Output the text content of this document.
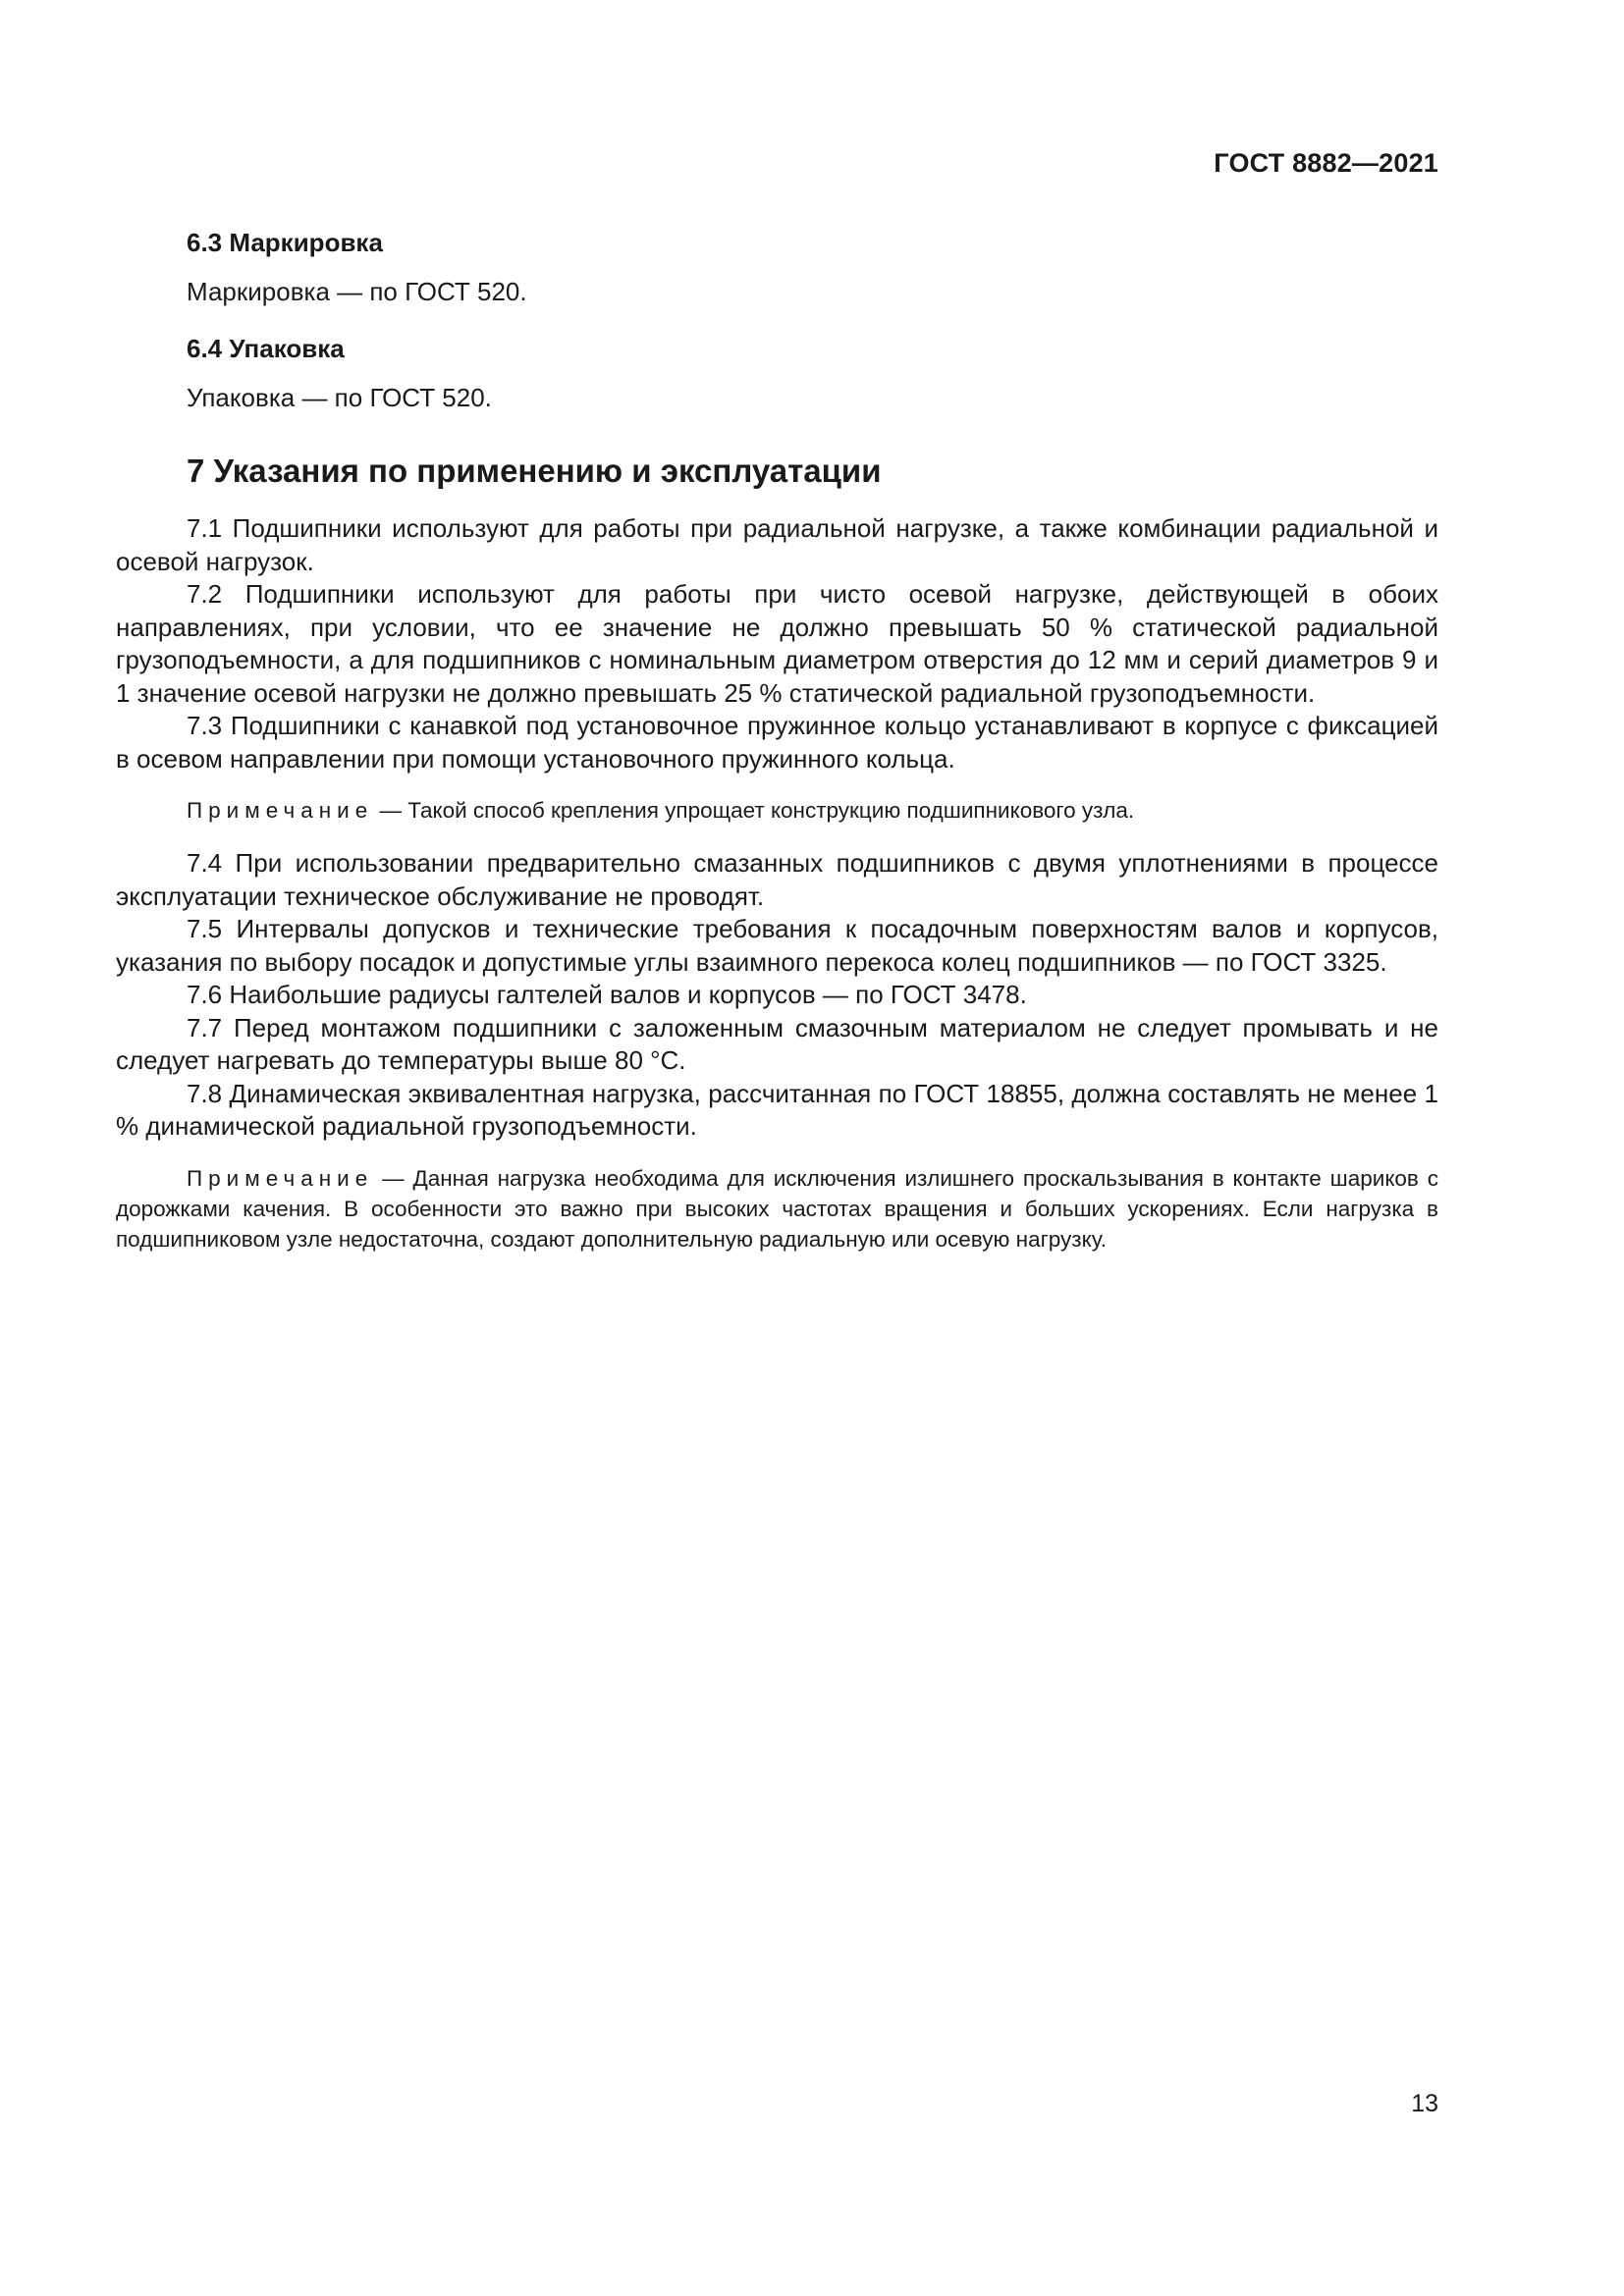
ГОСТ 8882—2021
6.3 Маркировка
Маркировка — по ГОСТ 520.
6.4 Упаковка
Упаковка — по ГОСТ 520.
7 Указания по применению и эксплуатации

7.1 Подшипники используют для работы при радиальной нагрузке, а также комбинации радиальной и осевой нагрузок.

7.2 Подшипники используют для работы при чисто осевой нагрузке, действующей в обоих направлениях, при условии, что ее значение не должно превышать 50 % статической радиальной грузоподъемности, а для подшипников с номинальным диаметром отверстия до 12 мм и серий диаметров 9 и 1 значение осевой нагрузки не должно превышать 25 % статической радиальной грузоподъемности.

7.3 Подшипники с канавкой под установочное пружинное кольцо устанавливают в корпусе с фиксацией в осевом направлении при помощи установочного пружинного кольца.

Примечание — Такой способ крепления упрощает конструкцию подшипникового узла.

7.4 При использовании предварительно смазанных подшипников с двумя уплотнениями в процессе эксплуатации техническое обслуживание не проводят.

7.5 Интервалы допусков и технические требования к посадочным поверхностям валов и корпусов, указания по выбору посадок и допустимые углы взаимного перекоса колец подшипников — по ГОСТ 3325.

7.6 Наибольшие радиусы галтелей валов и корпусов — по ГОСТ 3478.

7.7 Перед монтажом подшипники с заложенным смазочным материалом не следует промывать и не следует нагревать до температуры выше 80 °С.

7.8 Динамическая эквивалентная нагрузка, рассчитанная по ГОСТ 18855, должна составлять не менее 1 % динамической радиальной грузоподъемности.

Примечание — Данная нагрузка необходима для исключения излишнего проскальзывания в контакте шариков с дорожками качения. В особенности это важно при высоких частотах вращения и больших ускорениях. Если нагрузка в подшипниковом узле недостаточна, создают дополнительную радиальную или осевую нагрузку.

13
